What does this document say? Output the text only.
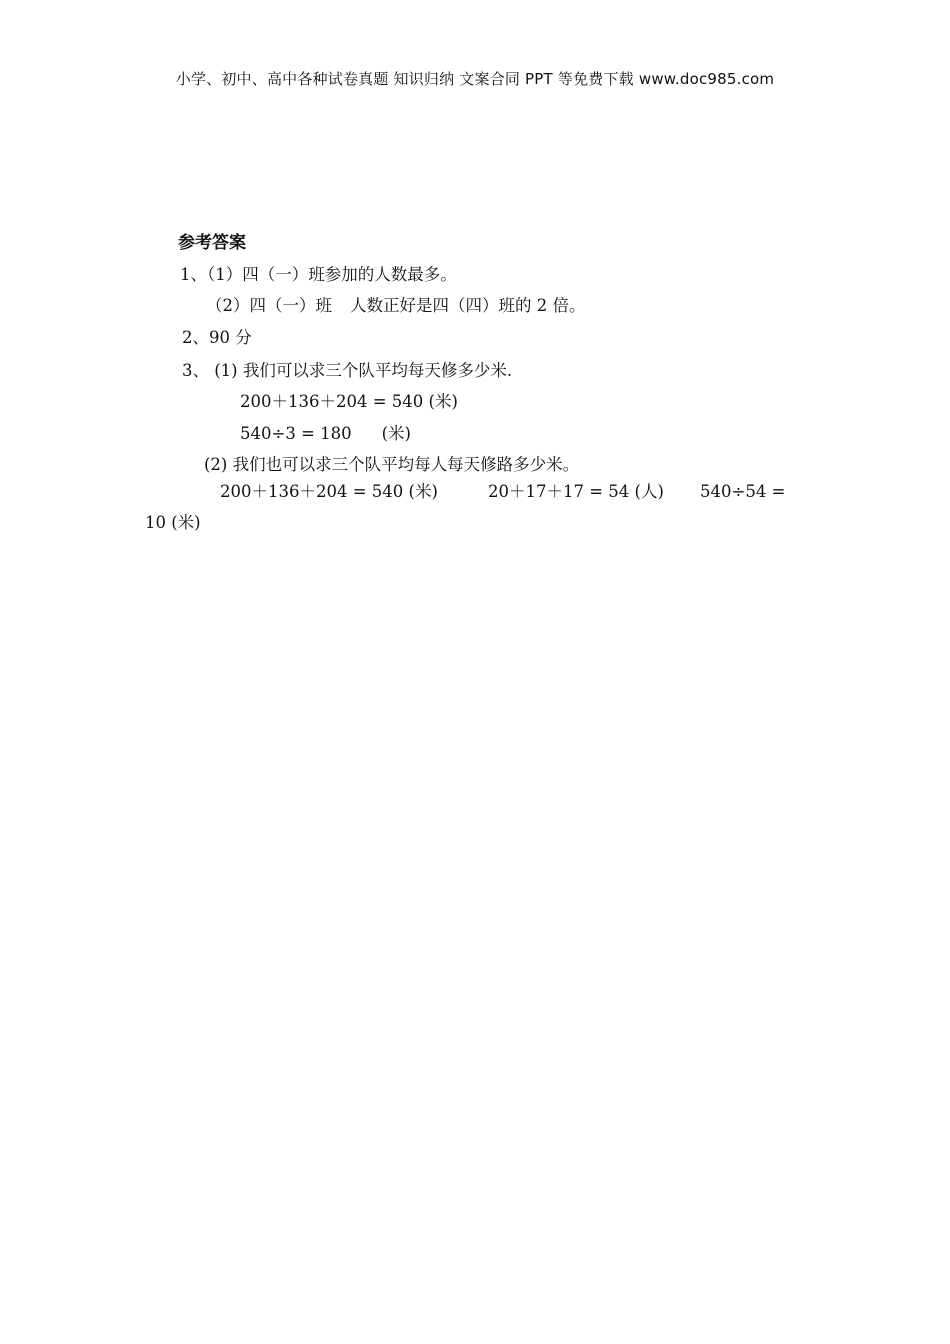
小学、初中、高中各种试卷真题 知识归纳 文案合同 PPT 等免费下载 www.doc985.com
参考答案
1、（1）四（一）班参加的人数最多。
（2）四（一）班 人数正好是四（四）班的 2 倍。
2、90 分
3、 (1) 我们可以求三个队平均每天修多少米.
200＋136＋204 = 540 (米)
540÷3 = 180 (米)
(2) 我们也可以求三个队平均每人每天修路多少米。
200＋136＋204 = 540 (米)	20＋17＋17 = 54 (人) 540÷54 =
10 (米)
